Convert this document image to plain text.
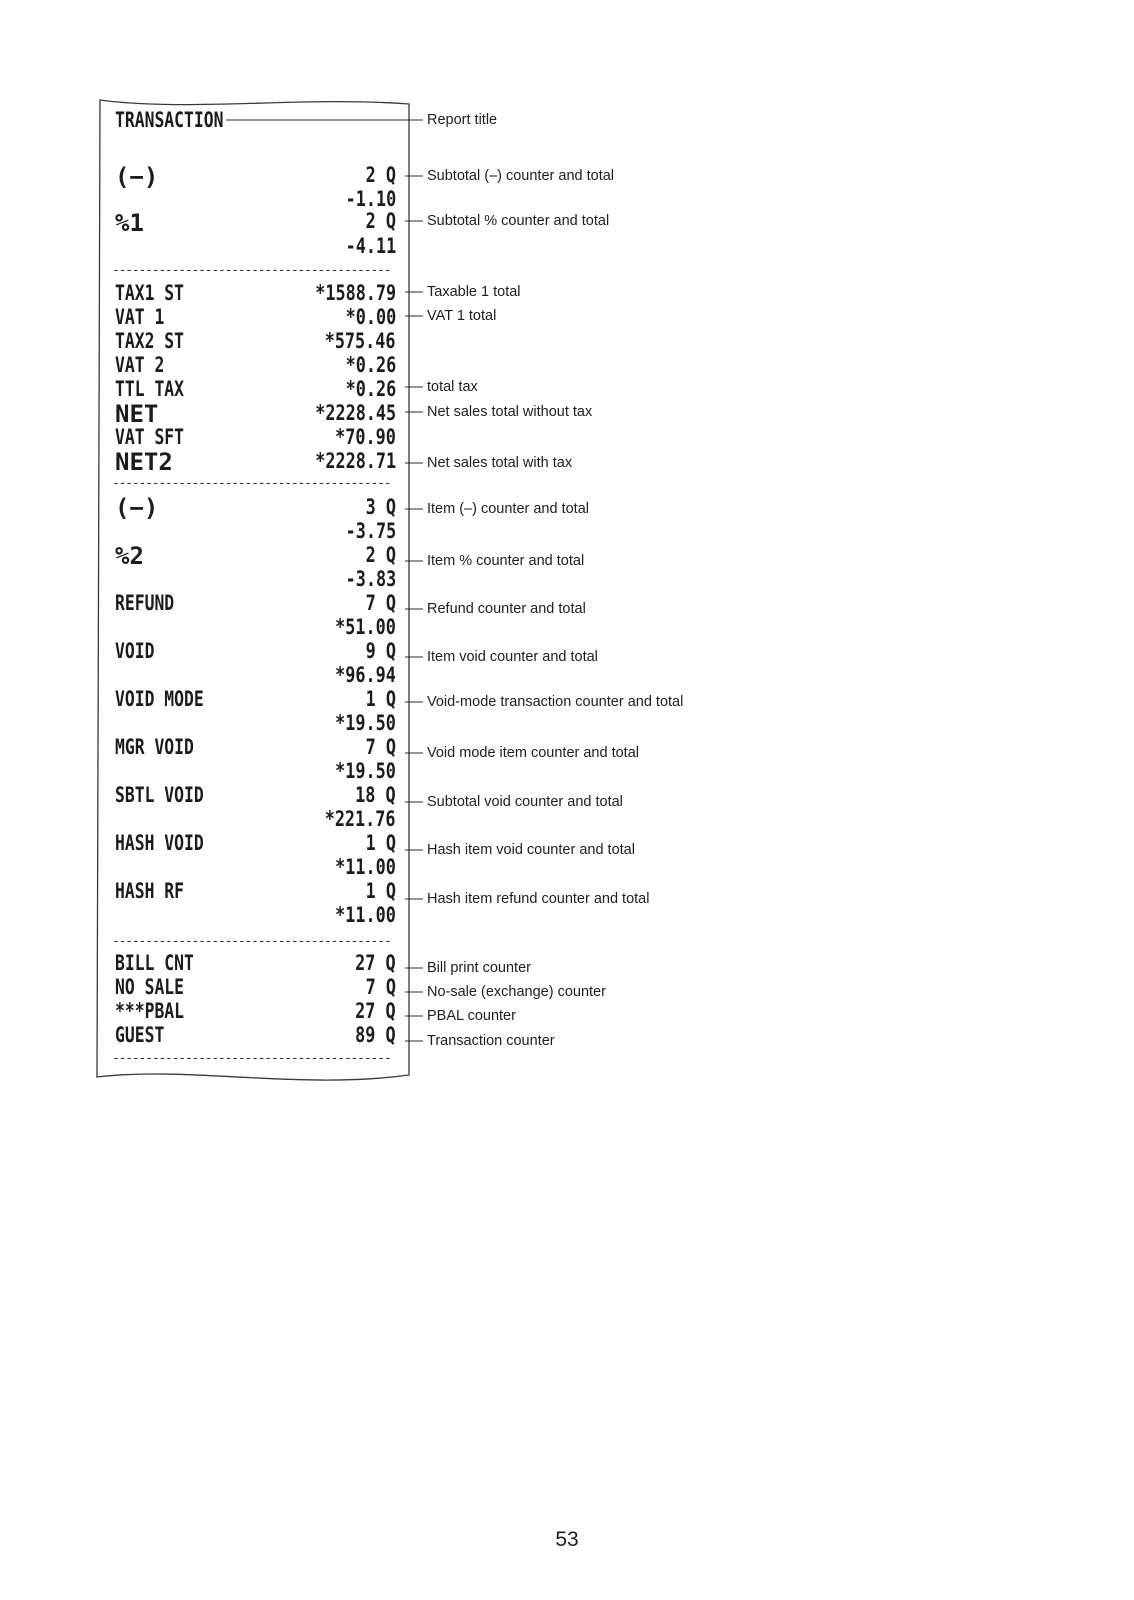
TRANSACTION
(−)	2 Q
-1.10
%1	2 Q
-4.11
------------------------------------------
TAX1 ST	*1588.79
VAT 1	*0.00
TAX2 ST	*575.46
VAT 2	*0.26
TTL TAX	*0.26
NET	*2228.45
VAT SFT	*70.90
NET2	*2228.71
------------------------------------------
(−)	3 Q
-3.75
%2	2 Q
-3.83
REFUND	7 Q
*51.00
VOID	9 Q
*96.94
VOID MODE	1 Q
*19.50
MGR VOID	7 Q
*19.50
SBTL VOID	18 Q
*221.76
HASH VOID	1 Q
*11.00
HASH RF	1 Q
*11.00
------------------------------------------
BILL CNT	27 Q
NO SALE	7 Q
***PBAL	27 Q
GUEST	89 Q
------------------------------------------
Report title
Subtotal (–) counter and total
Subtotal % counter and total
Taxable 1 total
VAT 1 total
total tax
Net sales total without tax
Net sales total with tax
Item (–) counter and total
Item % counter and total
Refund counter and total
Item void counter and total
Void-mode transaction counter and total
Void mode item counter and total
Subtotal void counter and total
Hash item void counter and total
Hash item refund counter and total
Bill print counter
No-sale (exchange) counter
PBAL counter
Transaction counter
53
